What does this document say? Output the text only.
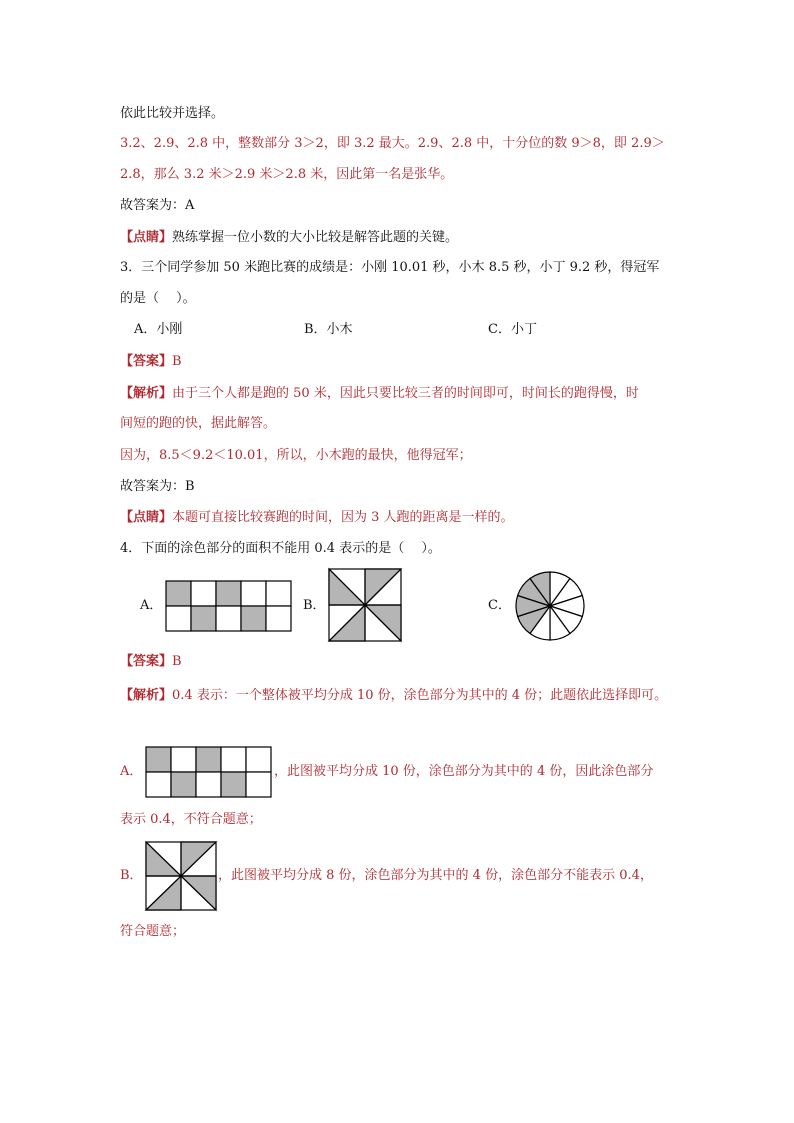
依此比较并选择。
3.2、2.9、2.8 中，整数部分 3＞2，即 3.2 最大。2.9、2.8 中，十分位的数 9＞8，即 2.9＞
2.8，那么 3.2 米＞2.9 米＞2.8 米，因此第一名是张华。
故答案为：A
【点睛】熟练掌握一位小数的大小比较是解答此题的关键。
3．三个同学参加 50 米跑比赛的成绩是：小刚 10.01 秒，小木 8.5 秒，小丁 9.2 秒，得冠军
的是（　 ）。
A．小刚	B．小木	C．小丁
【答案】B
【解析】由于三个人都是跑的 50 米，因此只要比较三者的时间即可，时间长的跑得慢，时
间短的跑的快，据此解答。
因为，8.5＜9.2＜10.01，所以，小木跑的最快，他得冠军；
故答案为：B
【点睛】本题可直接比较赛跑的时间，因为 3 人跑的距离是一样的。
4．下面的涂色部分的面积不能用 0.4 表示的是（　 ）。
A．	B．	C．
【答案】B
【解析】0.4 表示：一个整体被平均分成 10 份，涂色部分为其中的 4 份；此题依此选择即可。
A．	，此图被平均分成 10 份，涂色部分为其中的 4 份，因此涂色部分
表示 0.4，不符合题意；
B．	，此图被平均分成 8 份，涂色部分为其中的 4 份，涂色部分不能表示 0.4，
符合题意；
